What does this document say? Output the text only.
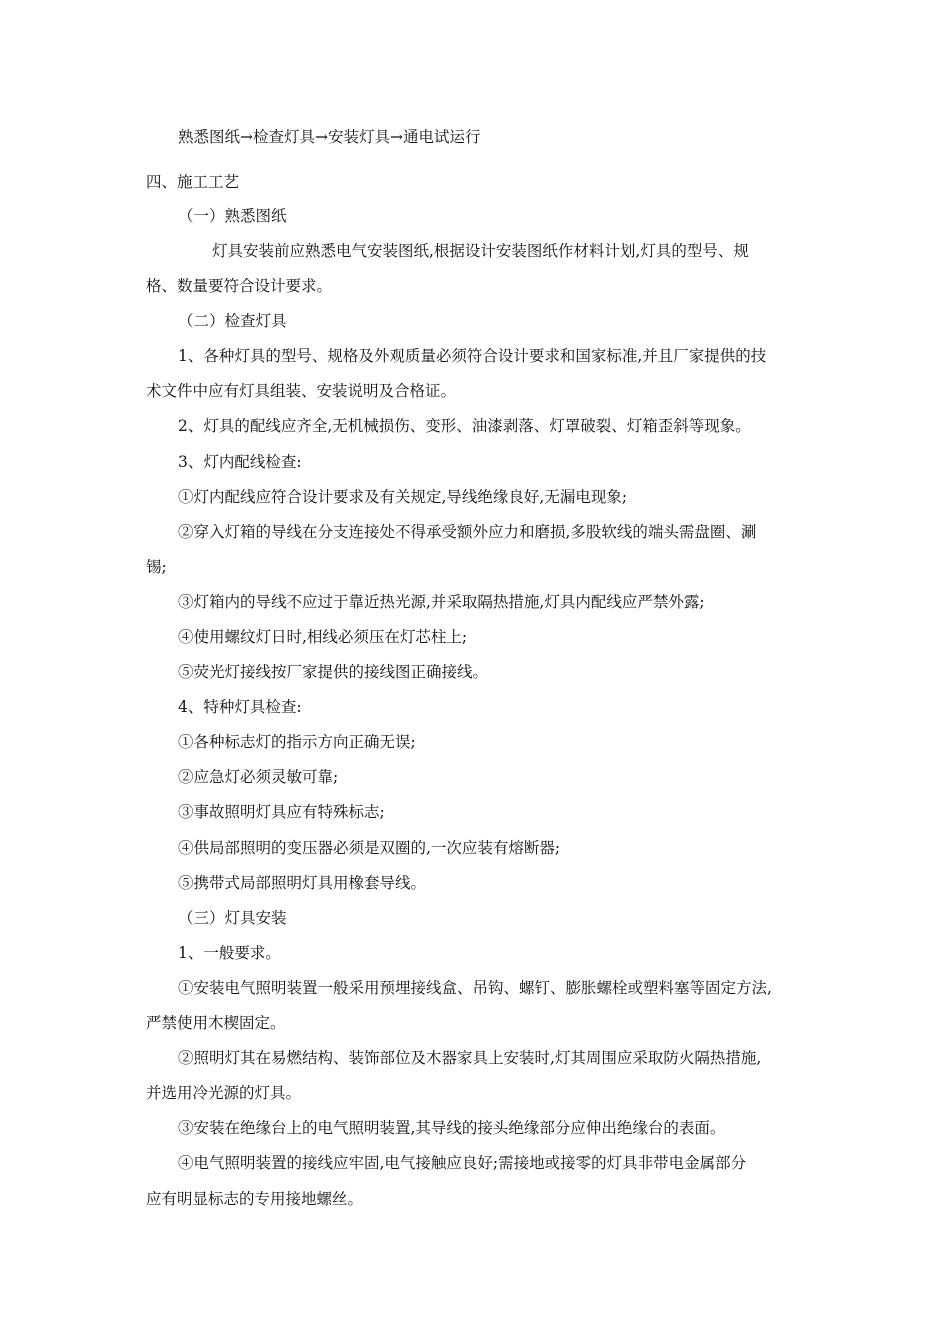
熟悉图纸→检查灯具→安装灯具→通电试运行
四、施工工艺
（一）熟悉图纸
灯具安装前应熟悉电气安装图纸,根据设计安装图纸作材料计划,灯具的型号、规
格、数量要符合设计要求。
（二）检查灯具
1、各种灯具的型号、规格及外观质量必须符合设计要求和国家标准,并且厂家提供的技
术文件中应有灯具组装、安装说明及合格证。
2、灯具的配线应齐全,无机械损伤、变形、油漆剥落、灯罩破裂、灯箱歪斜等现象。
3、灯内配线检查:
①灯内配线应符合设计要求及有关规定,导线绝缘良好,无漏电现象;
②穿入灯箱的导线在分支连接处不得承受额外应力和磨损,多股软线的端头需盘圈、涮
锡;
③灯箱内的导线不应过于靠近热光源,并采取隔热措施,灯具内配线应严禁外露;
④使用螺纹灯日时,相线必须压在灯芯柱上;
⑤荧光灯接线按厂家提供的接线图正确接线。
4、特种灯具检查:
①各种标志灯的指示方向正确无误;
②应急灯必须灵敏可靠;
③事故照明灯具应有特殊标志;
④供局部照明的变压器必须是双圈的,一次应装有熔断器;
⑤携带式局部照明灯具用橡套导线。
（三）灯具安装
1、一般要求。
①安装电气照明装置一般采用预埋接线盒、吊钩、螺钉、膨胀螺栓或塑料塞等固定方法,
严禁使用木楔固定。
②照明灯其在易燃结构、装饰部位及木器家具上安装时,灯其周围应采取防火隔热措施,
并选用冷光源的灯具。
③安装在绝缘台上的电气照明装置,其导线的接头绝缘部分应伸出绝缘台的表面。
④电气照明装置的接线应牢固,电气接触应良好;需接地或接零的灯具非带电金属部分
应有明显标志的专用接地螺丝。
